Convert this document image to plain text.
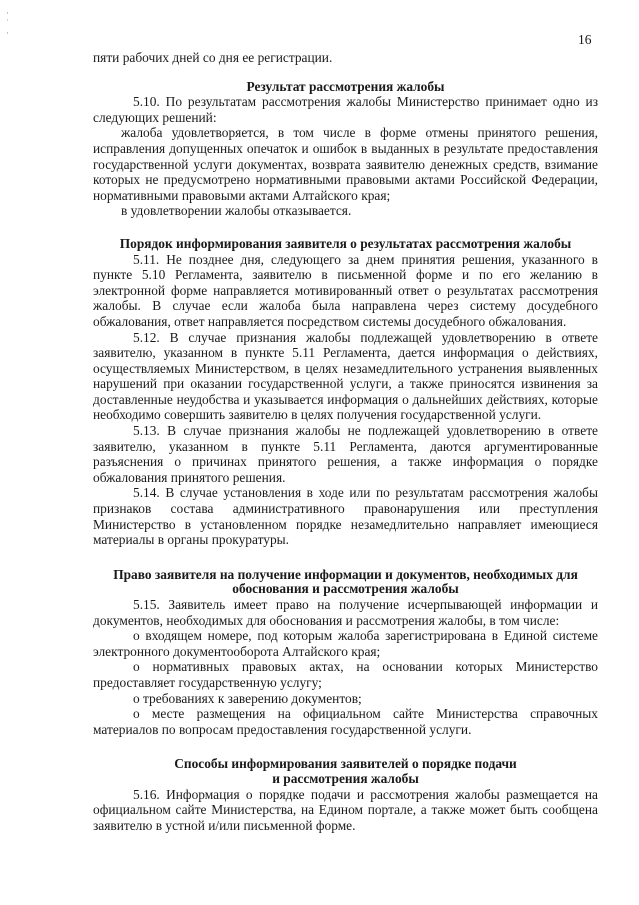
·
˙
·	16

пяти рабочих дней со дня ее регистрации.

Результат рассмотрения жалобы

5.10. По результатам рассмотрения жалобы Министерство принимает одно из следующих решений:

жалоба удовлетворяется, в том числе в форме отмены принятого решения, исправления допущенных опечаток и ошибок в выданных в результате предоставления государственной услуги документах, возврата заявителю денежных средств, взимание которых не предусмотрено нормативными правовыми актами Российской Федерации, нормативными правовыми актами Алтайского края;

в удовлетворении жалобы отказывается.

Порядок информирования заявителя о результатах рассмотрения жалобы

5.11. Не позднее дня, следующего за днем принятия решения, указанного в пункте 5.10 Регламента, заявителю в письменной форме и по его желанию в электронной форме направляется мотивированный ответ о результатах рассмотрения жалобы. В случае если жалоба была направлена через систему досудебного обжалования, ответ направляется посредством системы досудебного обжалования.

5.12. В случае признания жалобы подлежащей удовлетворению в ответе заявителю, указанном в пункте 5.11 Регламента, дается информация о действиях, осуществляемых Министерством, в целях незамедлительного устранения выявленных нарушений при оказании государственной услуги, а также приносятся извинения за доставленные неудобства и указывается информация о дальнейших действиях, которые необходимо совершить заявителю в целях получения государственной услуги.

5.13. В случае признания жалобы не подлежащей удовлетворению в ответе заявителю, указанном в пункте 5.11 Регламента, даются аргументированные разъяснения о причинах принятого решения, а также информация о порядке обжалования принятого решения.

5.14. В случае установления в ходе или по результатам рассмотрения жалобы признаков состава административного правонарушения или преступления Министерство в установленном порядке незамедлительно направляет имеющиеся материалы в органы прокуратуры.

Право заявителя на получение информации и документов, необходимых для
обоснования и рассмотрения жалобы

5.15. Заявитель имеет право на получение исчерпывающей информации и документов, необходимых для обоснования и рассмотрения жалобы, в том числе:

о входящем номере, под которым жалоба зарегистрирована в Единой системе электронного документооборота Алтайского края;

о нормативных правовых актах, на основании которых Министерство предоставляет государственную услугу;

о требованиях к заверению документов;

о месте размещения на официальном сайте Министерства справочных материалов по вопросам предоставления государственной услуги.

Способы информирования заявителей о порядке подачи
и рассмотрения жалобы

5.16. Информация о порядке подачи и рассмотрения жалобы размещается на официальном сайте Министерства, на Едином портале, а также может быть сообщена заявителю в устной и/или письменной форме.
